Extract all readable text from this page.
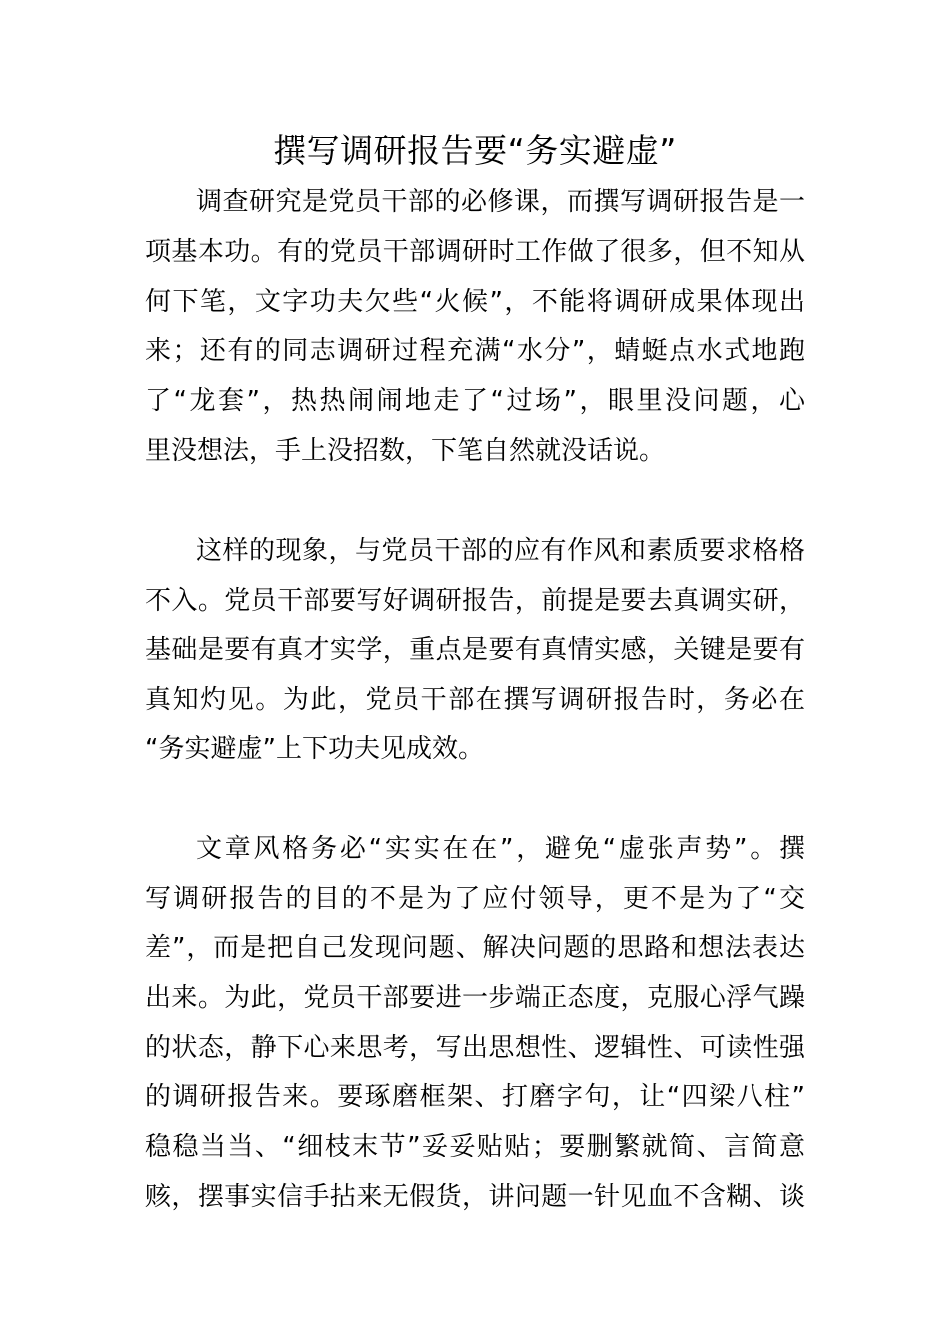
撰写调研报告要“务实避虚”
调查研究是党员干部的必修课，而撰写调研报告是一
项基本功。有的党员干部调研时工作做了很多，但不知从
何下笔，文字功夫欠些“火候”，不能将调研成果体现出
来；还有的同志调研过程充满“水分”，蜻蜓点水式地跑
了“龙套”，热热闹闹地走了“过场”，眼里没问题，心
里没想法，手上没招数，下笔自然就没话说。
这样的现象，与党员干部的应有作风和素质要求格格
不入。党员干部要写好调研报告，前提是要去真调实研，
基础是要有真才实学，重点是要有真情实感，关键是要有
真知灼见。为此，党员干部在撰写调研报告时，务必在
“务实避虚”上下功夫见成效。
文章风格务必“实实在在”，避免“虚张声势”。撰
写调研报告的目的不是为了应付领导，更不是为了“交
差”，而是把自己发现问题、解决问题的思路和想法表达
出来。为此，党员干部要进一步端正态度，克服心浮气躁
的状态，静下心来思考，写出思想性、逻辑性、可读性强
的调研报告来。要琢磨框架、打磨字句，让“四梁八柱”
稳稳当当、“细枝末节”妥妥贴贴；要删繁就简、言简意
赅，摆事实信手拈来无假货，讲问题一针见血不含糊、谈
